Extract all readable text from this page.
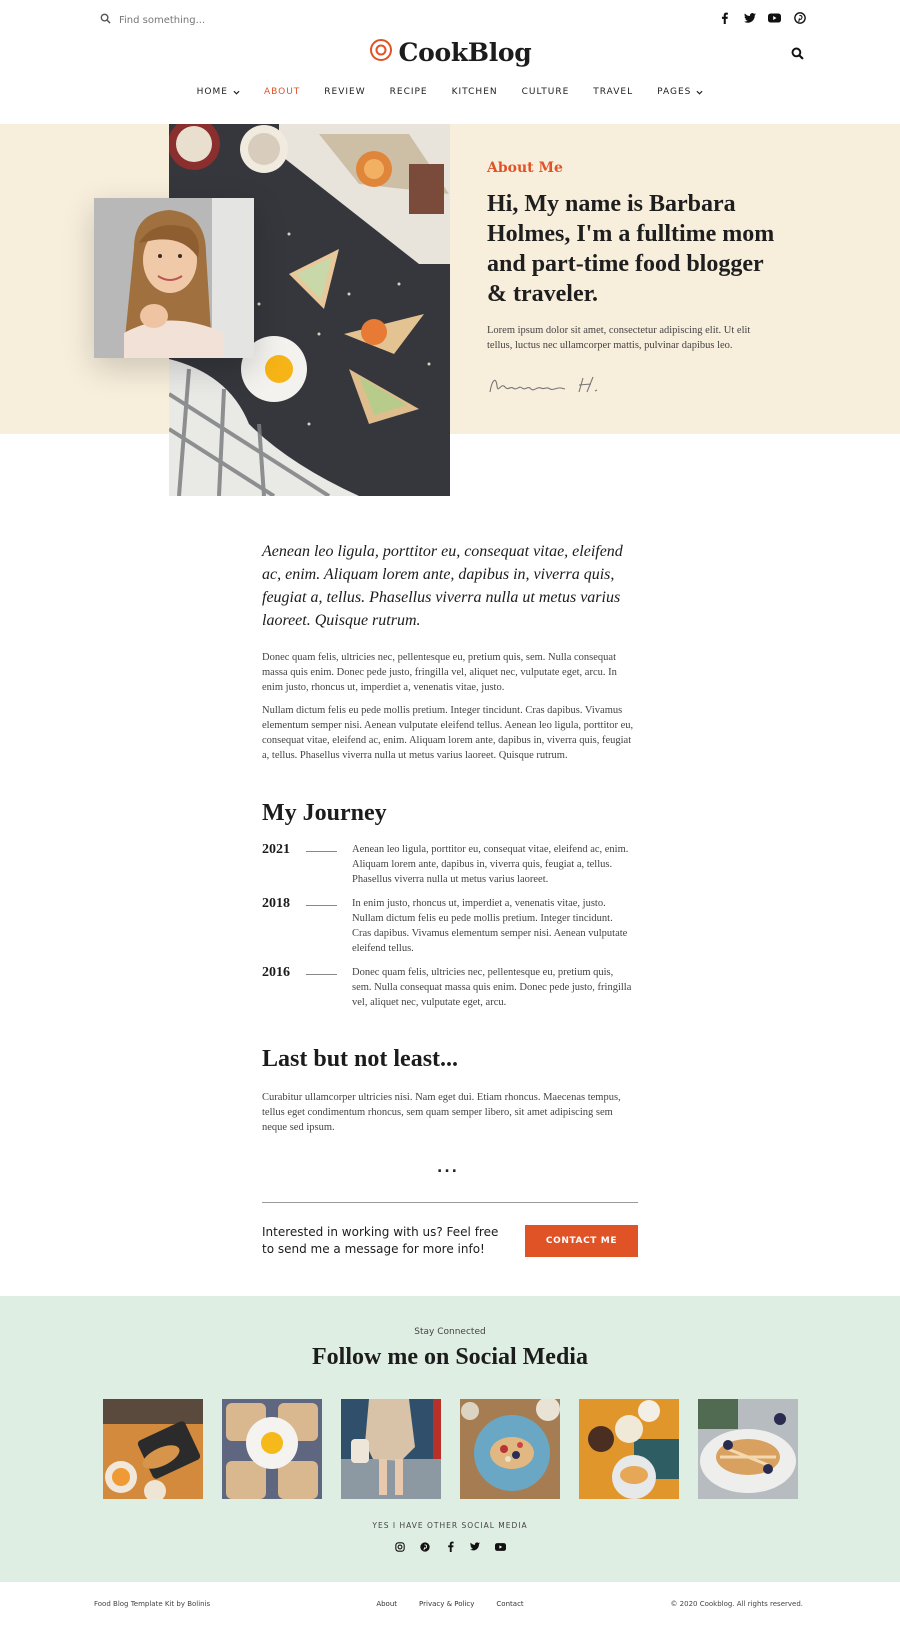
Find something...
CookBlog
HOME	ABOUT	REVIEW	RECIPE	KITCHEN	CULTURE	TRAVEL	PAGES
About Me
Hi, My name is Barbara Holmes, I'm a fulltime mom and part-time food blogger & traveler.

Lorem ipsum dolor sit amet, consectetur adipiscing elit. Ut elit tellus, luctus nec ullamcorper mattis, pulvinar dapibus leo.

Aenean leo ligula, porttitor eu, consequat vitae, eleifend ac, enim. Aliquam lorem ante, dapibus in, viverra quis, feugiat a, tellus. Phasellus viverra nulla ut metus varius laoreet. Quisque rutrum.

Donec quam felis, ultricies nec, pellentesque eu, pretium quis, sem. Nulla consequat massa quis enim. Donec pede justo, fringilla vel, aliquet nec, vulputate eget, arcu. In enim justo, rhoncus ut, imperdiet a, venenatis vitae, justo.

Nullam dictum felis eu pede mollis pretium. Integer tincidunt. Cras dapibus. Vivamus elementum semper nisi. Aenean vulputate eleifend tellus. Aenean leo ligula, porttitor eu, consequat vitae, eleifend ac, enim. Aliquam lorem ante, dapibus in, viverra quis, feugiat a, tellus. Phasellus viverra nulla ut metus varius laoreet. Quisque rutrum.

My Journey
2021	Aenean leo ligula, porttitor eu, consequat vitae, eleifend ac, enim. Aliquam lorem ante, dapibus in, viverra quis, feugiat a, tellus. Phasellus viverra nulla ut metus varius laoreet.

2018	In enim justo, rhoncus ut, imperdiet a, venenatis vitae, justo. Nullam dictum felis eu pede mollis pretium. Integer tincidunt. Cras dapibus. Vivamus elementum semper nisi. Aenean vulputate eleifend tellus.

2016	Donec quam felis, ultricies nec, pellentesque eu, pretium quis, sem. Nulla consequat massa quis enim. Donec pede justo, fringilla vel, aliquet nec, vulputate eget, arcu.

Last but not least...

Curabitur ullamcorper ultricies nisi. Nam eget dui. Etiam rhoncus. Maecenas tempus, tellus eget condimentum rhoncus, sem quam semper libero, sit amet adipiscing sem neque sed ipsum.

...

Interested in working with us? Feel free to send me a message for more info!

CONTACT ME
Stay Connected
Follow me on Social Media
YES I HAVE OTHER SOCIAL MEDIA
Food Blog Template Kit by Bolinis	About	Privacy & Policy	Contact	© 2020 Cookblog. All rights reserved.
